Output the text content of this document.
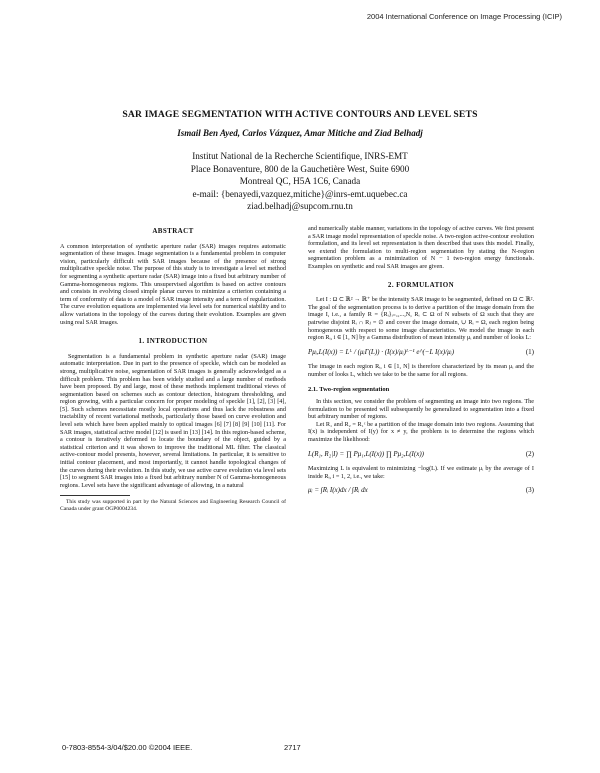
2004 International Conference on Image Processing (ICIP)
SAR IMAGE SEGMENTATION WITH ACTIVE CONTOURS AND LEVEL SETS
Ismail Ben Ayed, Carlos Vázquez, Amar Mitiche and Ziad Belhadj
Institut National de la Recherche Scientifique, INRS-EMT
Place Bonaventure, 800 de la Gauchetière West, Suite 6900
Montreal QC, H5A 1C6, Canada
e-mail: {benayedi,vazquez,mitiche}@inrs-emt.uquebec.ca
ziad.belhadj@supcom.rnu.tn
ABSTRACT

A common interpretation of synthetic aperture radar (SAR) images requires automatic segmentation of these images. Image segmentation is a fundamental problem in computer vision, particularly difficult with SAR images because of the presence of strong multiplicative speckle noise. The purpose of this study is to investigate a level set method for segmenting a synthetic aperture radar (SAR) image into a fixed but arbitrary number of Gamma-homogeneous regions. This unsupervised algorithm is based on active contours and consists in evolving closed simple planar curves to minimize a criterion containing a term of conformity of data to a model of SAR image intensity and a term of regularization. The curve evolution equations are implemented via level sets for numerical stability and to allow variations in the topology of the curves during their evolution. Examples are given using real SAR images.

1. INTRODUCTION

Segmentation is a fundamental problem in synthetic aperture radar (SAR) image automatic interpretation. Due in part to the presence of speckle, which can be modeled as strong, multiplicative noise, segmentation of SAR images is generally acknowledged as a difficult problem. This problem has been widely studied and a large number of methods have been proposed. By and large, most of these methods implement traditional views of segmentation based on schemes such as contour detection, histogram thresholding, and region growing, with a particular concern for proper modeling of speckle [1], [2], [3] [4], [5]. Such schemes necessitate mostly local operations and thus lack the robustness and tractability of recent variational methods, particularly those based on curve evolution and level sets which have been applied mainly to optical images [6] [7] [8] [9] [10] [11]. For SAR images, statistical active model [12] is used in [13] [14]. In this region-based scheme, a contour is iteratively deformed to locate the boundary of the object, guided by a statistical criterion and it was shown to improve the traditional ML filter. The classical active-contour model presents, however, several limitations. In particular, it is sensitive to initial contour placement, and most importantly, it cannot handle topological changes of the curves during their evolution. In this study, we use active curve evolution via level sets [15] to segment SAR images into a fixed but arbitrary number N of Gamma-homogeneous regions. Level sets have the significant advantage of allowing, in a natural

This study was supported in part by the Natural Sciences and Engineering Research Council of Canada under grant OGP0004234.

and numerically stable manner, variations in the topology of active curves. We first present a SAR image model representation of speckle noise. A two-region active-contour evolution formulation, and its level set representation is then described that uses this model. Finally, we extend the formulation to multi-region segmentation by stating the N-region segmentation problem as a minimization of N − 1 two-region energy functionals. Examples on synthetic and real SAR images are given.

2. FORMULATION

Let I : Ω ⊂ ℝ² → ℝ⁺ be the intensity SAR image to be segmented, defined on Ω ⊂ ℝ². The goal of the segmentation process is to derive a partition of the image domain from the image I, i.e., a family R = {Rᵢ}ᵢ₌₁,...,N, Rᵢ ⊂ Ω of N subsets of Ω such that they are pairwise disjoint Rᵢ ∩ Rⱼ = ∅ and cover the image domain, ∪ Rᵢ = Ω, each region being homogeneous with respect to some image characteristics. We model the image in each region Rᵢ, i ∈ [1, N] by a Gamma distribution of mean intensity μᵢ and number of looks L:

Pμᵢ,L(I(x)) = Lᴸ / (μᵢΓ(L)) · (I(x)/μᵢ)ᴸ⁻¹ e^(−L I(x)/μᵢ)	(1)

The image in each region Rᵢ, i ∈ [1, N] is therefore characterized by its mean μᵢ and the number of looks L, which we take to be the same for all regions.

2.1. Two-region segmentation

In this section, we consider the problem of segmenting an image into two regions. The formulation to be presented will subsequently be generalized to segmentation into a fixed but arbitrary number of regions.

Let R₁ and R₂ = R₁ᶜ be a partition of the image domain into two regions. Assuming that I(x) is independent of I(y) for x ≠ y, the problem is to determine the regions which maximize the likelihood:

L(R₁, R₂|I) = ∏ Pμ₁,L(I(x)) ∏ Pμ₂,L(I(x))	(2)

Maximizing L is equivalent to minimizing −log(L). If we estimate μᵢ by the average of I inside Rᵢ, i = 1, 2, i.e., we take:

μᵢ = ∫Rᵢ I(x)dx / ∫Rᵢ dx	(3)
0-7803-8554-3/04/$20.00 ©2004 IEEE.	2717
